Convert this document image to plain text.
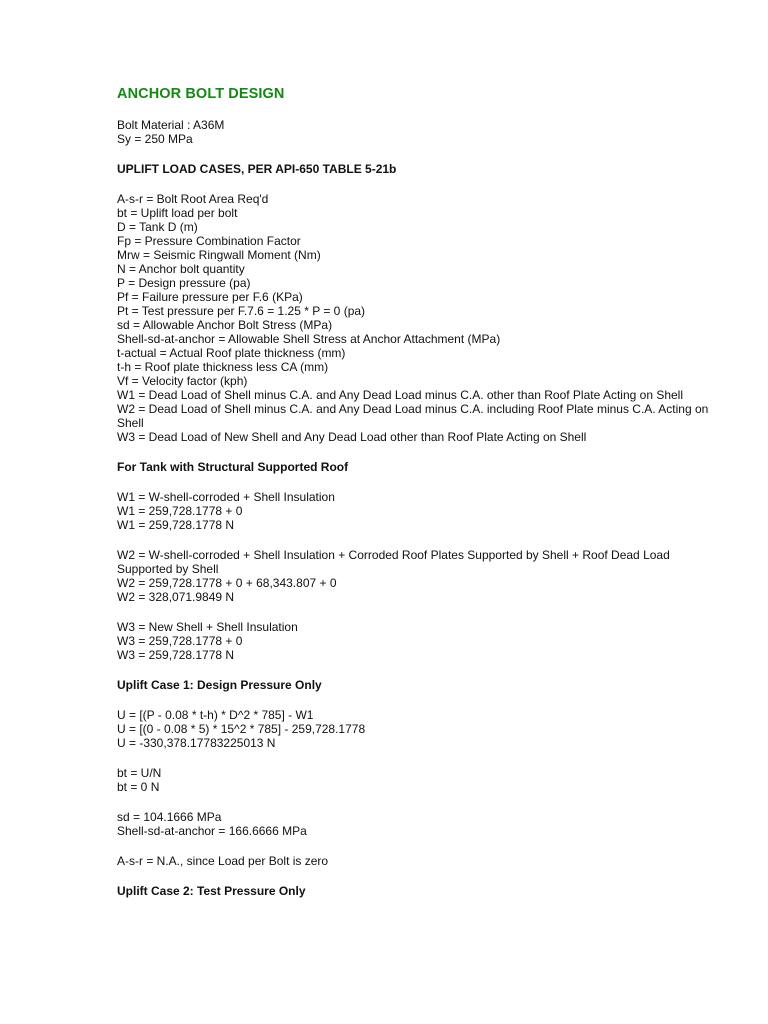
ANCHOR BOLT DESIGN
Bolt Material : A36M
Sy = 250 MPa
UPLIFT LOAD CASES, PER API-650 TABLE 5-21b
A-s-r = Bolt Root Area Req'd
bt = Uplift load per bolt
D = Tank D (m)
Fp = Pressure Combination Factor
Mrw = Seismic Ringwall Moment (Nm)
N = Anchor bolt quantity
P = Design pressure (pa)
Pf = Failure pressure per F.6 (KPa)
Pt = Test pressure per F.7.6 = 1.25 * P = 0 (pa)
sd = Allowable Anchor Bolt Stress (MPa)
Shell-sd-at-anchor = Allowable Shell Stress at Anchor Attachment (MPa)
t-actual = Actual Roof plate thickness (mm)
t-h = Roof plate thickness less CA (mm)
Vf = Velocity factor (kph)
W1 = Dead Load of Shell minus C.A. and Any Dead Load minus C.A. other than Roof Plate Acting on Shell
W2 = Dead Load of Shell minus C.A. and Any Dead Load minus C.A. including Roof Plate minus C.A. Acting on Shell
W3 = Dead Load of New Shell and Any Dead Load other than Roof Plate Acting on Shell
For Tank with Structural Supported Roof
W1 = W-shell-corroded + Shell Insulation
W1 = 259,728.1778 + 0
W1 = 259,728.1778 N
W2 = W-shell-corroded + Shell Insulation + Corroded Roof Plates Supported by Shell + Roof Dead Load Supported by Shell
W2 = 259,728.1778 + 0 + 68,343.807 + 0
W2 = 328,071.9849 N
W3 = New Shell + Shell Insulation
W3 = 259,728.1778 + 0
W3 = 259,728.1778 N
Uplift Case 1: Design Pressure Only
U = [(P - 0.08 * t-h) * D^2 * 785] - W1
U = [(0 - 0.08 * 5) * 15^2 * 785] - 259,728.1778
U = -330,378.17783225013 N
bt = U/N
bt = 0 N
sd = 104.1666 MPa
Shell-sd-at-anchor = 166.6666 MPa
A-s-r = N.A., since Load per Bolt is zero
Uplift Case 2: Test Pressure Only
